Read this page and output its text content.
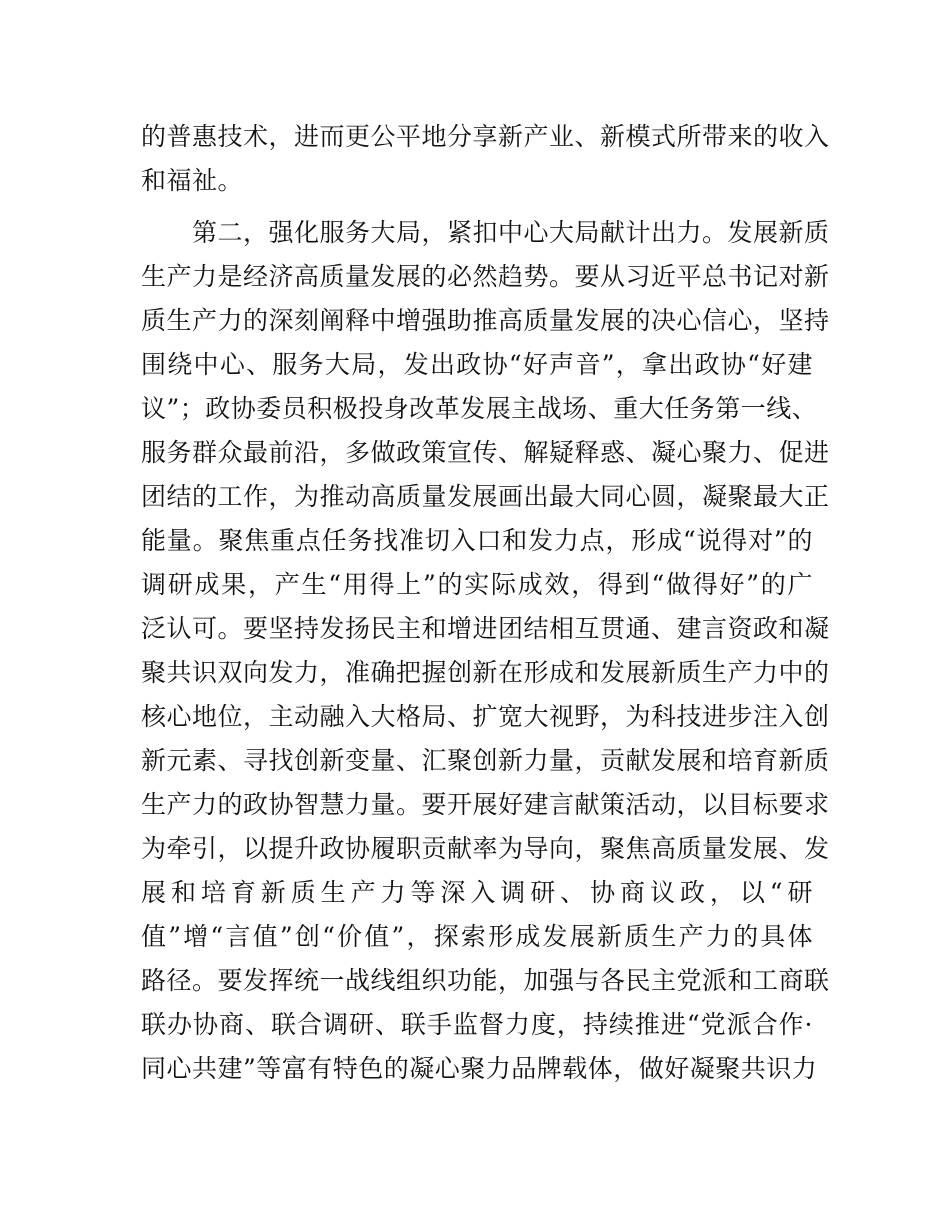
的普惠技术，进而更公平地分享新产业、新模式所带来的收入
和福祉。
　　第二，强化服务大局，紧扣中心大局献计出力。发展新质
生产力是经济高质量发展的必然趋势。要从习近平总书记对新
质生产力的深刻阐释中增强助推高质量发展的决心信心，坚持
围绕中心、服务大局，发出政协“好声音”，拿出政协“好建
议”；政协委员积极投身改革发展主战场、重大任务第一线、
服务群众最前沿，多做政策宣传、解疑释惑、凝心聚力、促进
团结的工作，为推动高质量发展画出最大同心圆，凝聚最大正
能量。聚焦重点任务找准切入口和发力点，形成“说得对”的
调研成果，产生“用得上”的实际成效，得到“做得好”的广
泛认可。要坚持发扬民主和增进团结相互贯通、建言资政和凝
聚共识双向发力，准确把握创新在形成和发展新质生产力中的
核心地位，主动融入大格局、扩宽大视野，为科技进步注入创
新元素、寻找创新变量、汇聚创新力量，贡献发展和培育新质
生产力的政协智慧力量。要开展好建言献策活动，以目标要求
为牵引，以提升政协履职贡献率为导向，聚焦高质量发展、发
展和培育新质生产力等深入调研、协商议政，以“研
值”增“言值”创“价值”，探索形成发展新质生产力的具体
路径。要发挥统一战线组织功能，加强与各民主党派和工商联
联办协商、联合调研、联手监督力度，持续推进“党派合作·
同心共建”等富有特色的凝心聚力品牌载体，做好凝聚共识力
